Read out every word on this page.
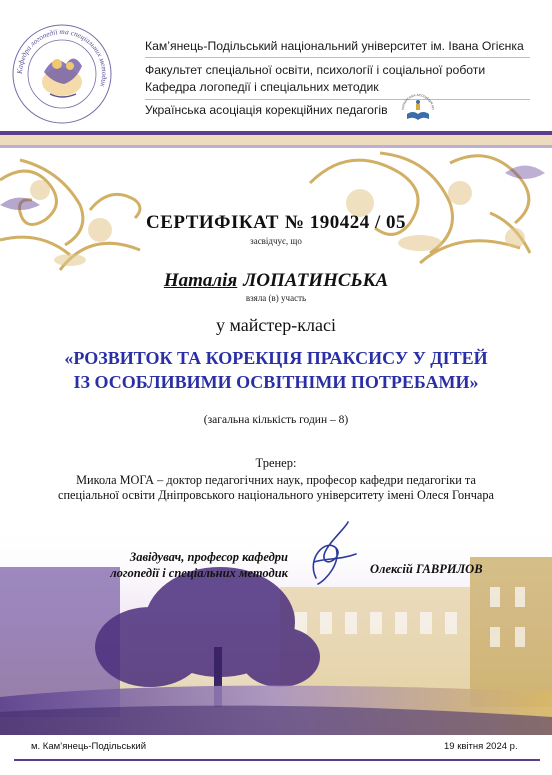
Кафедра логопедії та спеціальних методик
Кам’янець-Подільський національний університет ім. Івана Огієнка
Факультет спеціальної освіти, психології і соціальної роботи
Кафедра логопедії і спеціальних методик
Українська асоціація корекційних педагогів	УКРАЇНСЬКА АСОЦІАЦІЯ КО
СЕРТИФІКАТ № 190424 / 05
засвідчує, що
Наталія ЛОПАТИНСЬКА
взяла (в) участь
у майстер-класі
«РОЗВИТОК ТА КОРЕКЦІЯ ПРАКСИСУ У ДІТЕЙ
ІЗ ОСОБЛИВИМИ ОСВІТНІМИ ПОТРЕБАМИ»
(загальна кількість годин – 8)
Тренер:
Микола МОГА – доктор педагогічних наук, професор кафедри педагогіки та
спеціальної освіти Дніпровського національного університету імені Олеся Гончара
Завідувач, професор кафедри
логопедії і спеціальних методик	Олексій ГАВРИЛОВ
м. Кам’янець-Подільський	19 квітня 2024 р.
